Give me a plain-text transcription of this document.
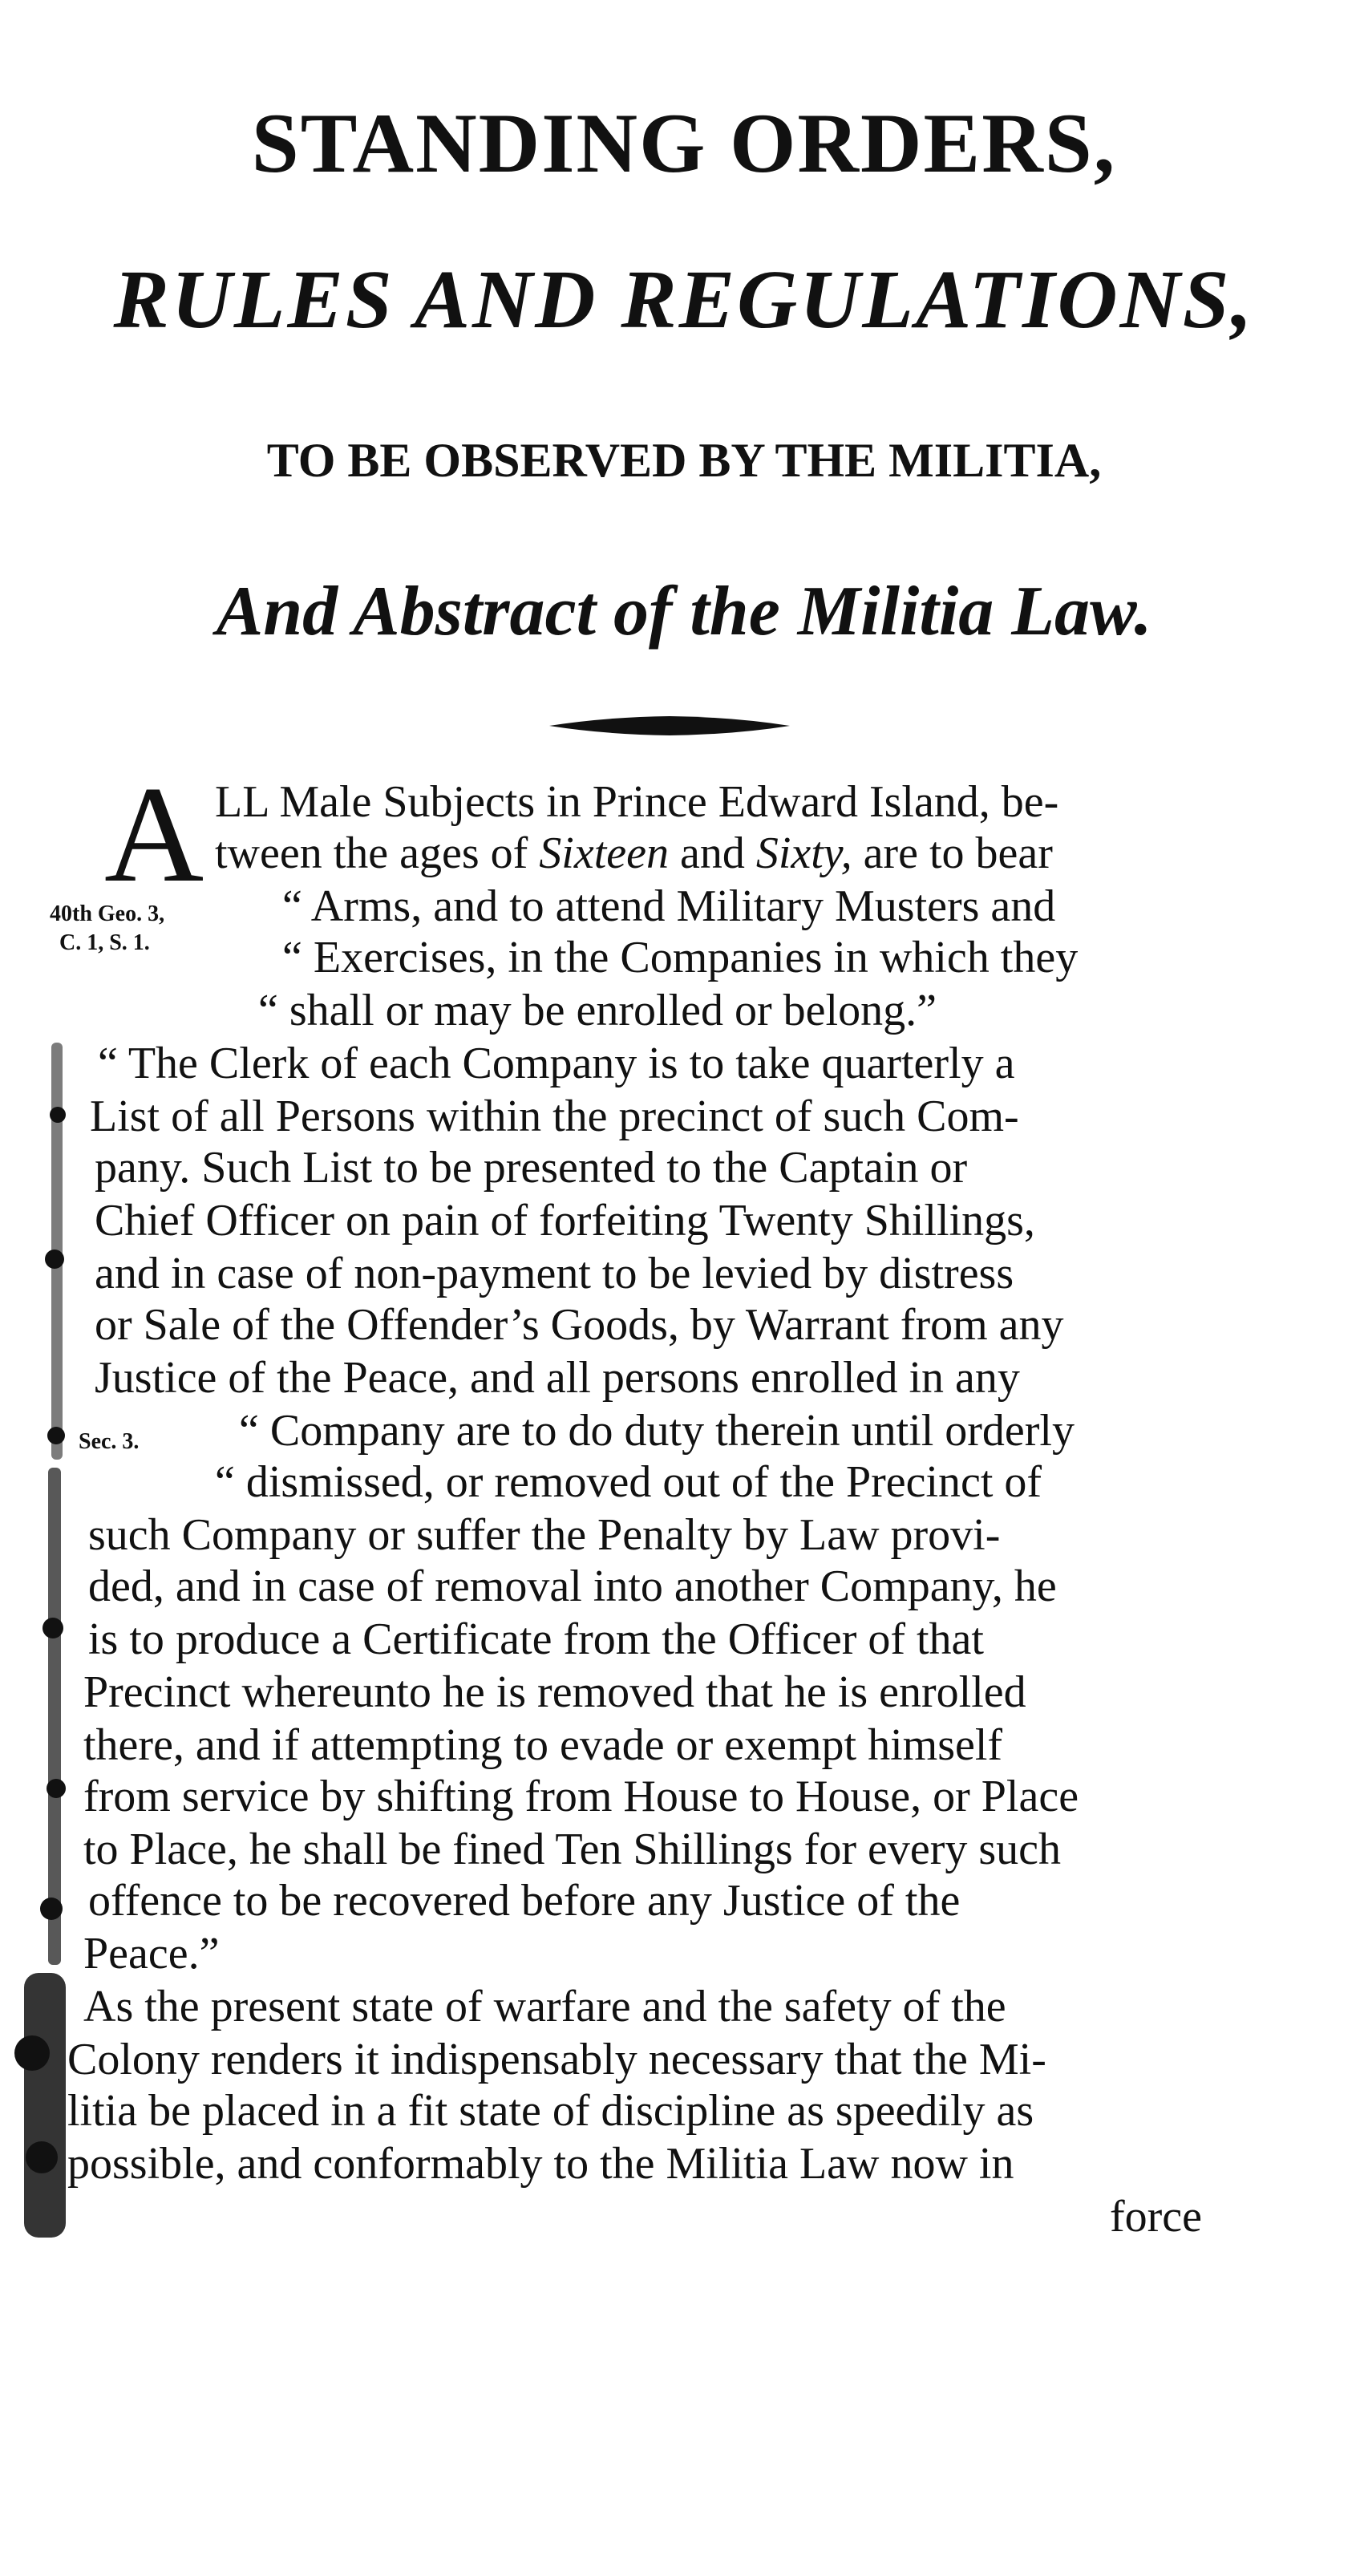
STANDING ORDERS,
RULES AND REGULATIONS,
TO BE OBSERVED BY THE MILITIA,
And Abstract of the Militia Law.
A LL Male Subjects in Prince Edward Island, be-
tween the ages of Sixteen and Sixty, are to bear
“ Arms, and to attend Military Musters and
“ Exercises, in the Companies in which they
“ shall or may be enrolled or belong.”
40th Geo. 3,
C. 1, S. 1.
“ The Clerk of each Company is to take quarterly a
List of all Persons within the precinct of such Com-
pany. Such List to be presented to the Captain or
Chief Officer on pain of forfeiting Twenty Shillings,
and in case of non-payment to be levied by distress
or Sale of the Offender’s Goods, by Warrant from any
Justice of the Peace, and all persons enrolled in any
“ Company are to do duty therein until orderly
“ dismissed, or removed out of the Precinct of
Sec. 3.
such Company or suffer the Penalty by Law provi-
ded, and in case of removal into another Company, he
is to produce a Certificate from the Officer of that
Precinct whereunto he is removed that he is enrolled
there, and if attempting to evade or exempt himself
from service by shifting from House to House, or Place
to Place, he shall be fined Ten Shillings for every such
offence to be recovered before any Justice of the
Peace.”
As the present state of warfare and the safety of the
Colony renders it indispensably necessary that the Mi-
litia be placed in a fit state of discipline as speedily as
possible, and conformably to the Militia Law now in
force
